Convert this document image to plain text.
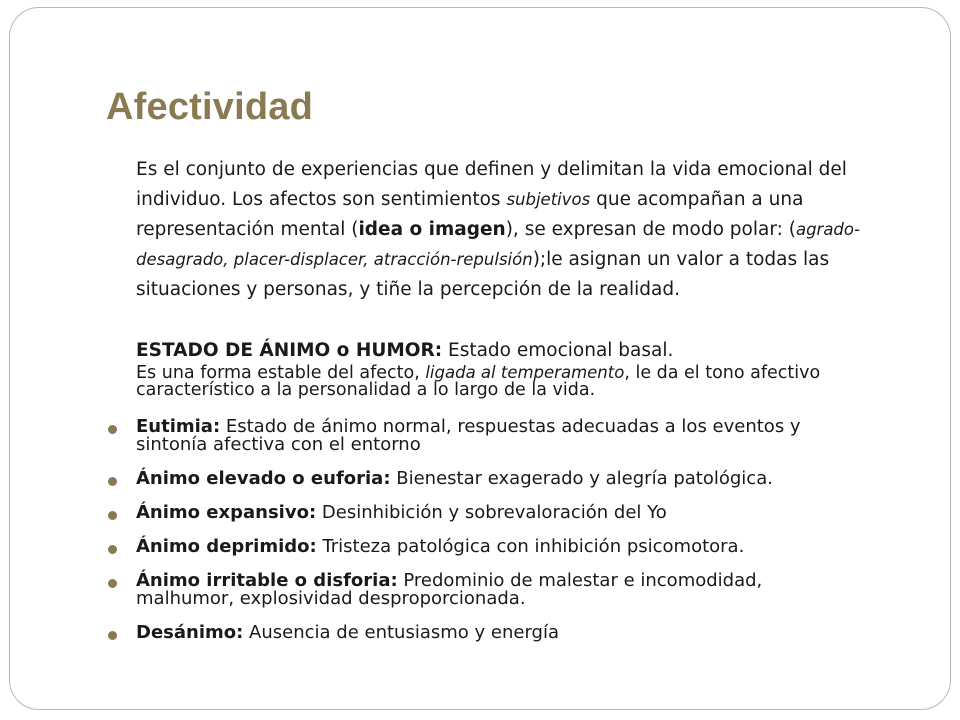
Afectividad

Es el conjunto de experiencias que definen y delimitan la vida emocional del individuo. Los afectos son sentimientos subjetivos que acompañan a una representación mental (idea o imagen), se expresan de modo polar: (agrado-desagrado, placer-displacer, atracción-repulsión);le asignan un valor a todas las situaciones y personas, y tiñe la percepción de la realidad.

ESTADO DE ÁNIMO o HUMOR: Estado emocional basal.
Es una forma estable del afecto, ligada al temperamento, le da el tono afectivo característico a la personalidad a lo largo de la vida.
Eutimia: Estado de ánimo normal, respuestas adecuadas a los eventos y sintonía afectiva con el entorno
Ánimo elevado o euforia: Bienestar exagerado y alegría patológica.
Ánimo expansivo: Desinhibición y sobrevaloración del Yo
Ánimo deprimido: Tristeza patológica con inhibición psicomotora.
Ánimo irritable o disforia: Predominio de malestar e incomodidad, malhumor, explosividad desproporcionada.
Desánimo: Ausencia de entusiasmo y energía
